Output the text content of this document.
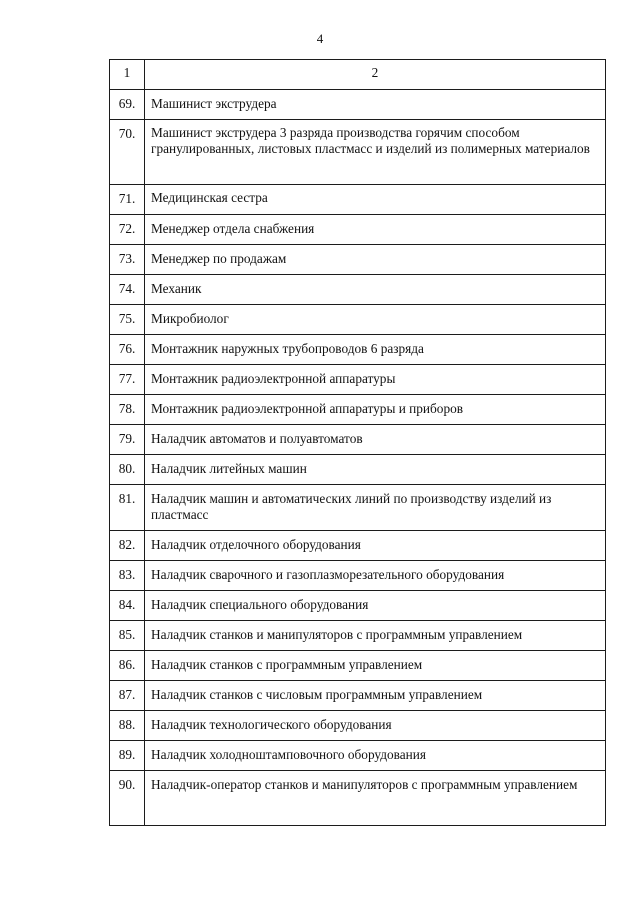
4
1	2
69.	Машинист экструдера
70.	Машинист экструдера 3 разряда производства горячим способом гранулированных, листовых пластмасс и изделий из полимерных материалов
71.	Медицинская сестра
72.	Менеджер отдела снабжения
73.	Менеджер по продажам
74.	Механик
75.	Микробиолог
76.	Монтажник наружных трубопроводов 6 разряда
77.	Монтажник радиоэлектронной аппаратуры
78.	Монтажник радиоэлектронной аппаратуры и приборов
79.	Наладчик автоматов и полуавтоматов
80.	Наладчик литейных машин
81.	Наладчик машин и автоматических линий по производству изделий из пластмасс
82.	Наладчик отделочного оборудования
83.	Наладчик сварочного и газоплазморезательного оборудования
84.	Наладчик специального оборудования
85.	Наладчик станков и манипуляторов с программным управлением
86.	Наладчик станков с программным управлением
87.	Наладчик станков с числовым программным управлением
88.	Наладчик технологического оборудования
89.	Наладчик холодноштамповочного оборудования
90.	Наладчик-оператор станков и манипуляторов с программным управлением
